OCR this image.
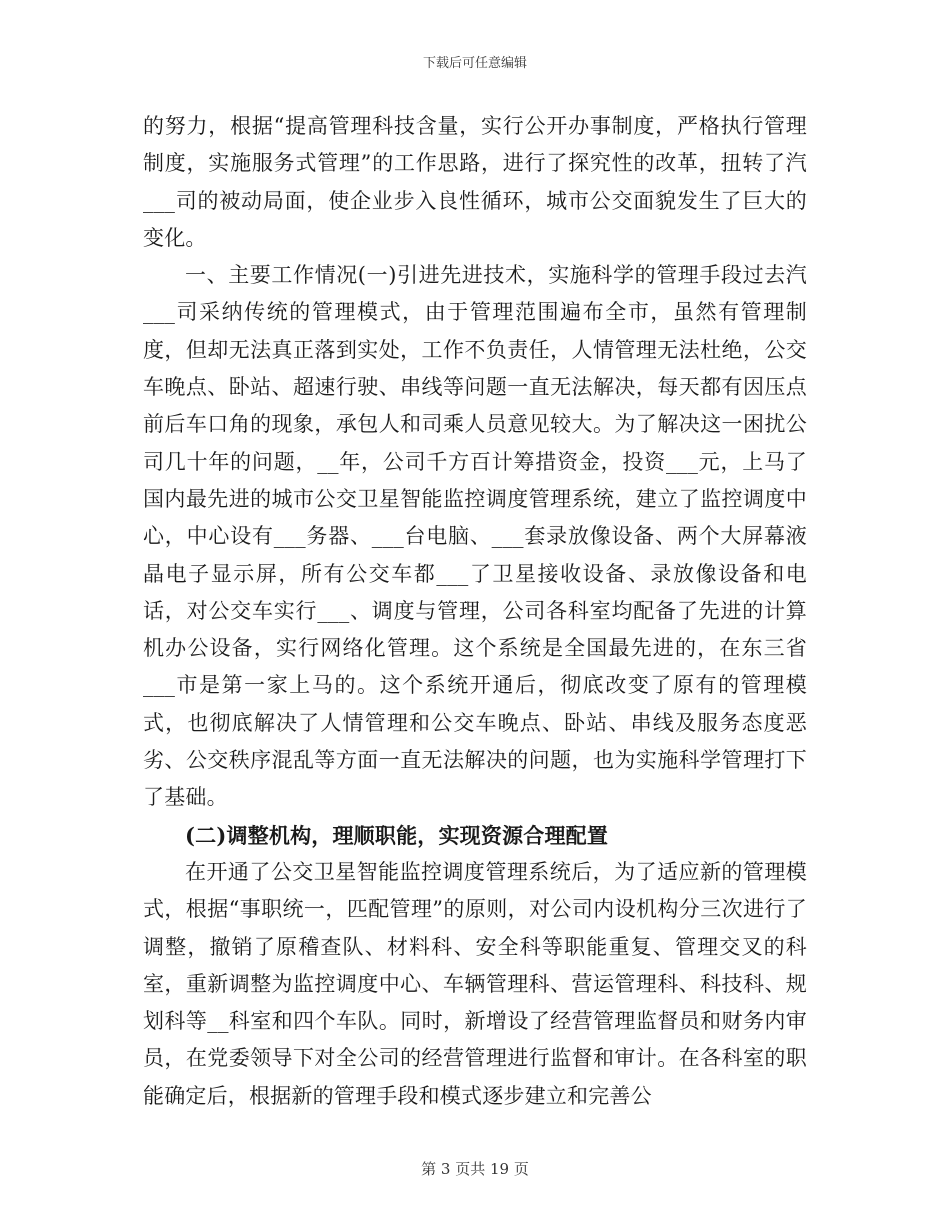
下载后可任意编辑

的努力，根据“提高管理科技含量，实行公开办事制度，严格执行管理制度，实施服务式管理”的工作思路，进行了探究性的改革，扭转了汽___司的被动局面，使企业步入良性循环，城市公交面貌发生了巨大的变化。

一、主要工作情况(一)引进先进技术，实施科学的管理手段过去汽___司采纳传统的管理模式，由于管理范围遍布全市，虽然有管理制度，但却无法真正落到实处，工作不负责任，人情管理无法杜绝，公交车晚点、卧站、超速行驶、串线等问题一直无法解决，每天都有因压点前后车口角的现象，承包人和司乘人员意见较大。为了解决这一困扰公司几十年的问题，__年，公司千方百计筹措资金，投资___元，上马了国内最先进的城市公交卫星智能监控调度管理系统，建立了监控调度中心，中心设有___务器、___台电脑、___套录放像设备、两个大屏幕液晶电子显示屏，所有公交车都___了卫星接收设备、录放像设备和电话，对公交车实行___、调度与管理，公司各科室均配备了先进的计算机办公设备，实行网络化管理。这个系统是全国最先进的，在东三省___市是第一家上马的。这个系统开通后，彻底改变了原有的管理模式，也彻底解决了人情管理和公交车晚点、卧站、串线及服务态度恶劣、公交秩序混乱等方面一直无法解决的问题，也为实施科学管理打下了基础。

(二)调整机构，理顺职能，实现资源合理配置

在开通了公交卫星智能监控调度管理系统后，为了适应新的管理模式，根据“事职统一，匹配管理”的原则，对公司内设机构分三次进行了调整，撤销了原稽查队、材料科、安全科等职能重复、管理交叉的科室，重新调整为监控调度中心、车辆管理科、营运管理科、科技科、规划科等__科室和四个车队。同时，新增设了经营管理监督员和财务内审员，在党委领导下对全公司的经营管理进行监督和审计。在各科室的职能确定后，根据新的管理手段和模式逐步建立和完善公

第 3 页共 19 页
